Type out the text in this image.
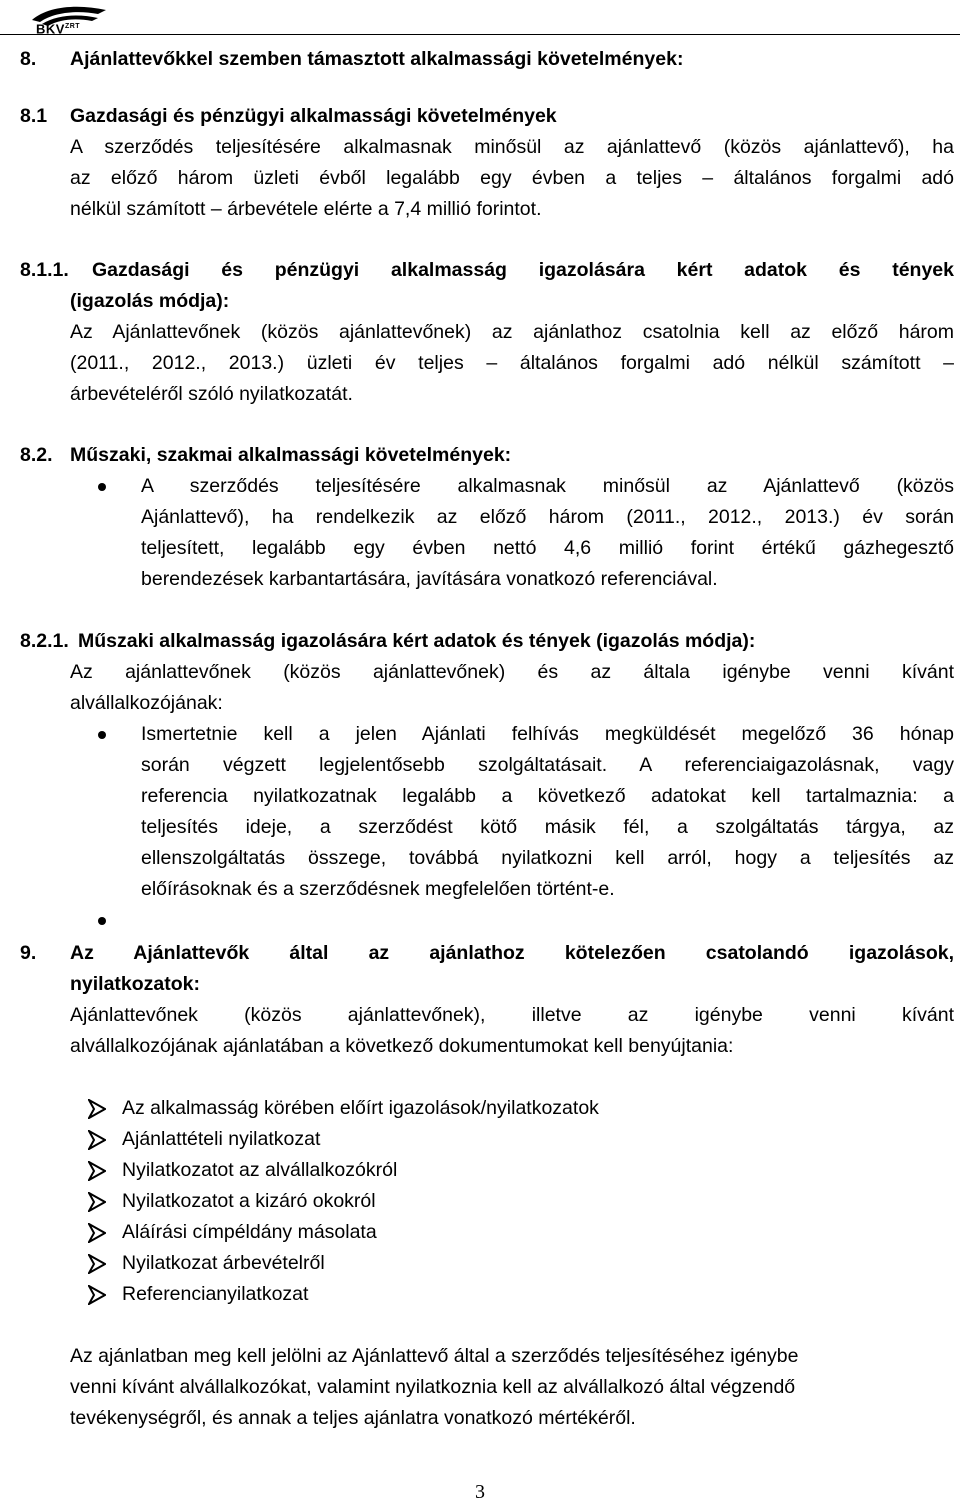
$BKV^{ZRT}$
8. Ajánlattevőkkel szemben támasztott alkalmassági követelmények:
8.1 Gazdasági és pénzügyi alkalmassági követelmények
A szerződés teljesítésére alkalmasnak minősül az ajánlattevő (közös ajánlattevő), ha
az előző három üzleti évből legalább egy évben a teljes – általános forgalmi adó
nélkül számított – árbevétele elérte a 7,4 millió forintot.
8.1.1. Gazdasági és pénzügyi alkalmasság igazolására kért adatok és tények
(igazolás módja):
Az Ajánlattevőnek (közös ajánlattevőnek) az ajánlathoz csatolnia kell az előző három
(2011., 2012., 2013.) üzleti év teljes – általános forgalmi adó nélkül számított –
árbevételéről szóló nyilatkozatát.
8.2. Műszaki, szakmai alkalmassági követelmények:
A szerződés teljesítésére alkalmasnak minősül az Ajánlattevő (közös
Ajánlattevő), ha rendelkezik az előző három (2011., 2012., 2013.) év során
teljesített, legalább egy évben nettó 4,6 millió forint értékű gázhegesztő
berendezések karbantartására, javítására vonatkozó referenciával.
8.2.1. Műszaki alkalmasság igazolására kért adatok és tények (igazolás módja):
Az ajánlattevőnek (közös ajánlattevőnek) és az általa igénybe venni kívánt
alvállalkozójának:
Ismertetnie kell a jelen Ajánlati felhívás megküldését megelőző 36 hónap
során végzett legjelentősebb szolgáltatásait. A referenciaigazolásnak, vagy
referencia nyilatkozatnak legalább a következő adatokat kell tartalmaznia: a
teljesítés ideje, a szerződést kötő másik fél, a szolgáltatás tárgya, az
ellenszolgáltatás összege, továbbá nyilatkozni kell arról, hogy a teljesítés az
előírásoknak és a szerződésnek megfelelően történt-e.
9. Az Ajánlattevők által az ajánlathoz kötelezően csatolandó igazolások,
nyilatkozatok:
Ajánlattevőnek (közös ajánlattevőnek), illetve az igénybe venni kívánt
alvállalkozójának ajánlatában a következő dokumentumokat kell benyújtania:
Az alkalmasság körében előírt igazolások/nyilatkozatok
Ajánlattételi nyilatkozat
Nyilatkozatot az alvállalkozókról
Nyilatkozatot a kizáró okokról
Aláírási címpéldány másolata
Nyilatkozat árbevételről
Referencianyilatkozat
Az ajánlatban meg kell jelölni az Ajánlattevő által a szerződés teljesítéséhez igénybe
venni kívánt alvállalkozókat, valamint nyilatkoznia kell az alvállalkozó által végzendő
tevékenységről, és annak a teljes ajánlatra vonatkozó mértékéről.
3
